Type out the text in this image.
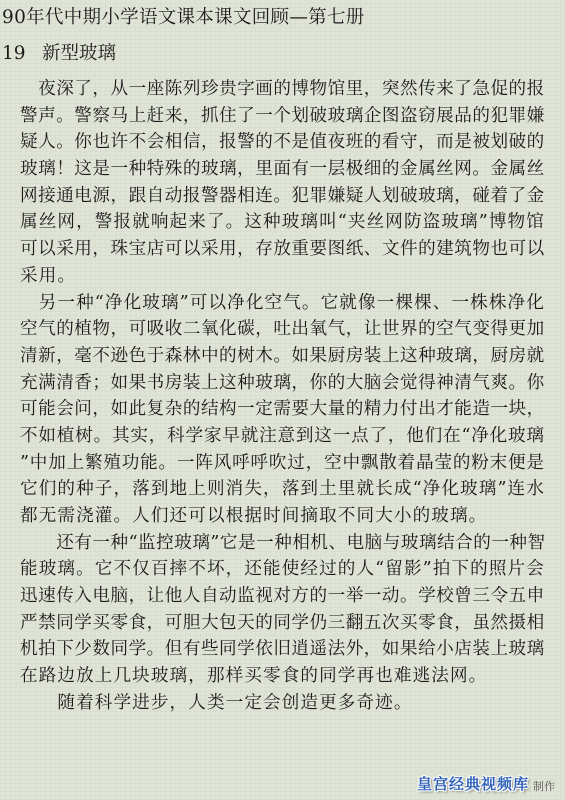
90年代中期小学语文课本课文回顾—第七册
19 新型玻璃
　夜深了，从一座陈列珍贵字画的博物馆里，突然传来了急促的报
警声。警察马上赶来，抓住了一个划破玻璃企图盗窃展品的犯罪嫌
疑人。你也许不会相信，报警的不是值夜班的看守，而是被划破的
玻璃！这是一种特殊的玻璃，里面有一层极细的金属丝网。金属丝
网接通电源，跟自动报警器相连。犯罪嫌疑人划破玻璃，碰着了金
属丝网，警报就响起来了。这种玻璃叫“夹丝网防盗玻璃”博物馆
可以采用，珠宝店可以采用，存放重要图纸、文件的建筑物也可以
采用。
　另一种“净化玻璃”可以净化空气。它就像一棵棵、一株株净化
空气的植物，可吸收二氧化碳，吐出氧气，让世界的空气变得更加
清新，毫不逊色于森林中的树木。如果厨房装上这种玻璃，厨房就
充满清香；如果书房装上这种玻璃，你的大脑会觉得神清气爽。你
可能会问，如此复杂的结构一定需要大量的精力付出才能造一块，
不如植树。其实，科学家早就注意到这一点了，他们在“净化玻璃
”中加上繁殖功能。一阵风呼呼吹过，空中飘散着晶莹的粉末便是
它们的种子，落到地上则消失，落到土里就长成“净化玻璃”连水
都无需浇灌。人们还可以根据时间摘取不同大小的玻璃。
　　还有一种“监控玻璃”它是一种相机、电脑与玻璃结合的一种智
能玻璃。它不仅百摔不坏，还能使经过的人“留影”拍下的照片会
迅速传入电脑，让他人自动监视对方的一举一动。学校曾三令五申
严禁同学买零食，可胆大包天的同学仍三翻五次买零食，虽然摄相
机拍下少数同学。但有些同学依旧逍遥法外，如果给小店装上玻璃
在路边放上几块玻璃，那样买零食的同学再也难逃法网。
　　随着科学进步，人类一定会创造更多奇迹。
皇宫经典视频库 制作
